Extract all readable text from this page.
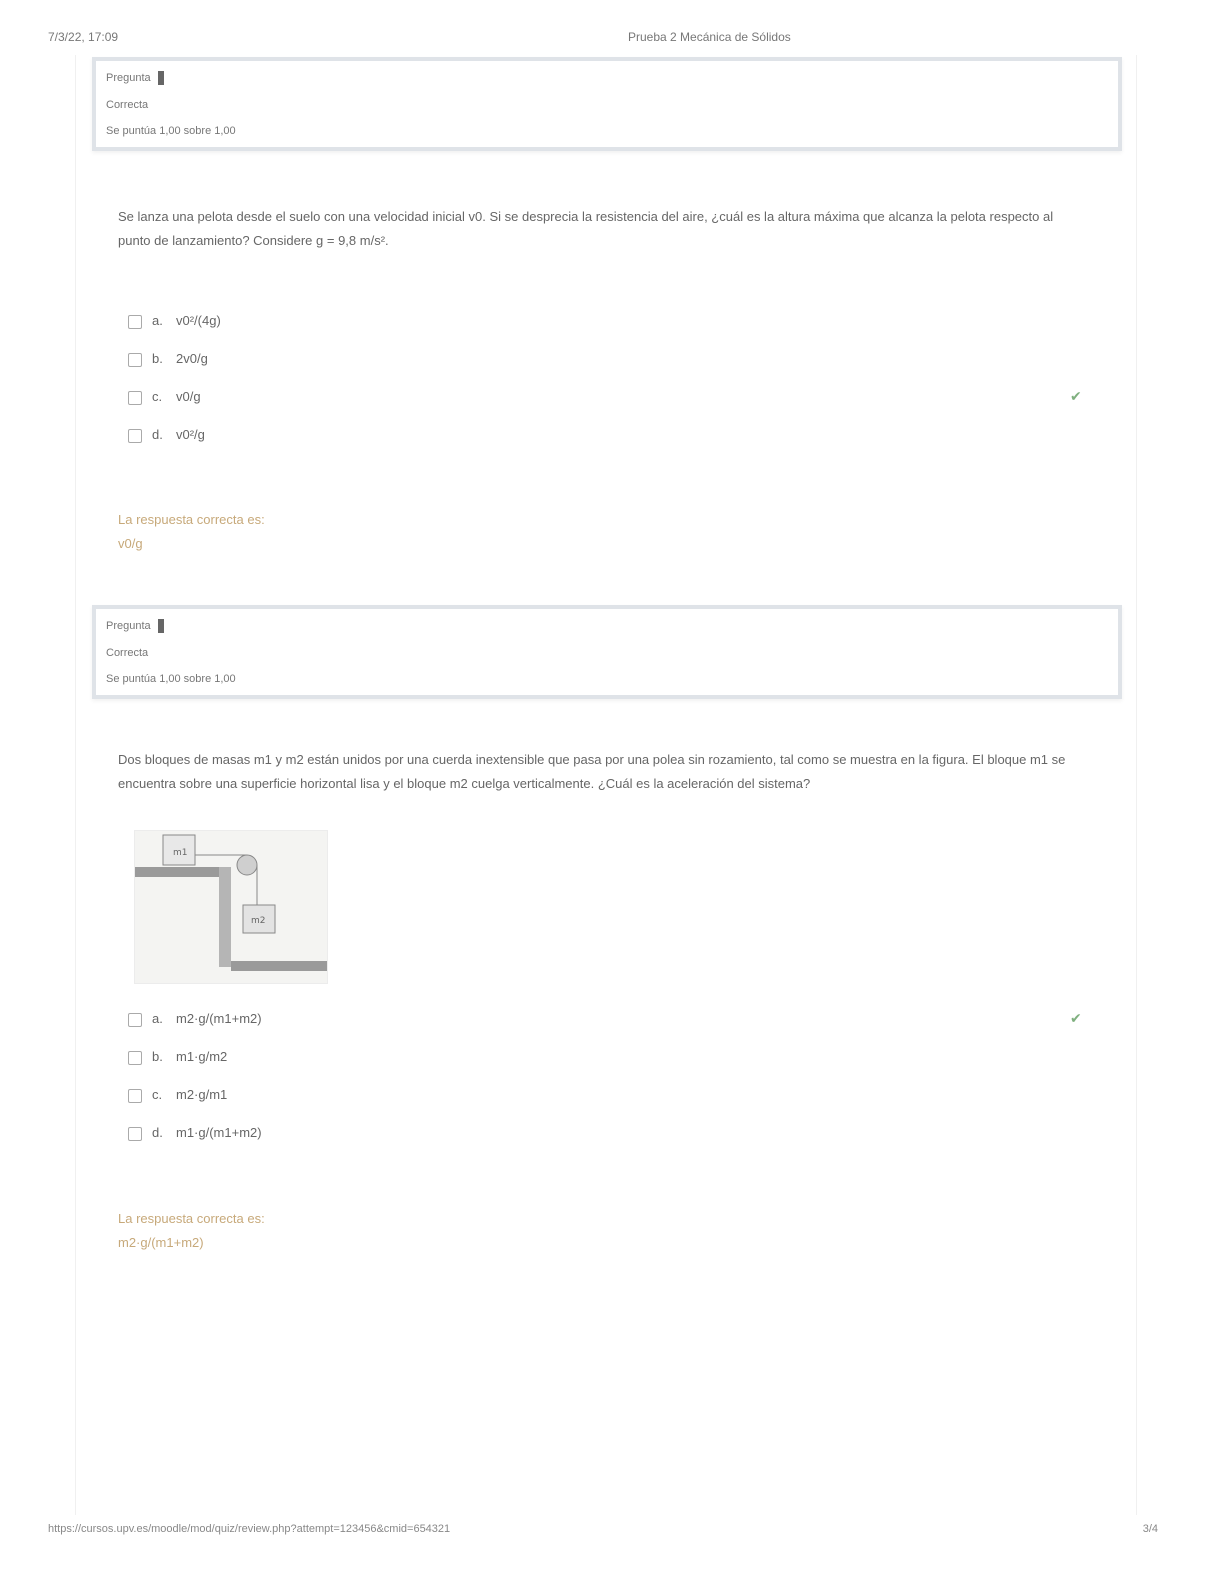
7/3/22, 17:09	Prueba 2 Mecánica de Sólidos
Pregunta
Correcta
Se puntúa 1,00 sobre 1,00
Se lanza una pelota desde el suelo con una velocidad inicial v0. Si se desprecia la resistencia del aire, ¿cuál es la altura máxima que alcanza la pelota respecto al punto de lanzamiento? Considere g = 9,8 m/s².
a. v0²/(4g)
b. 2v0/g
c. v0/g	✔
d. v0²/g
La respuesta correcta es:
v0/g
Pregunta
Correcta
Se puntúa 1,00 sobre 1,00
Dos bloques de masas m1 y m2 están unidos por una cuerda inextensible que pasa por una polea sin rozamiento, tal como se muestra en la figura. El bloque m1 se encuentra sobre una superficie horizontal lisa y el bloque m2 cuelga verticalmente. ¿Cuál es la aceleración del sistema?
m1
m2
a. m2·g/(m1+m2)	✔
b. m1·g/m2
c. m2·g/m1
d. m1·g/(m1+m2)
La respuesta correcta es:
m2·g/(m1+m2)
https://cursos.upv.es/moodle/mod/quiz/review.php?attempt=123456&cmid=654321	3/4
